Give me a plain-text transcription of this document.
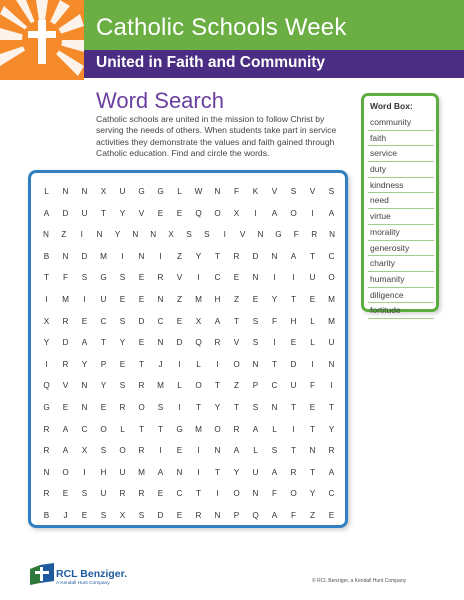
Catholic Schools Week
United in Faith and Community
Word Search

Catholic schools are united in the mission to follow Christ by serving the needs of others. When students take part in service activities they demonstrate the values and faith gained through Catholic education. Find and circle the words.

Word Box:
community
faith
service
duty
kindness
need
virtue
morality
generosity
charity
humanity
diligence
fortitude
L	N	N	X	U	G	G	L	W	N	F	K	V	S	V	S
A	D	U	T	Y	V	E	E	Q	O	X	I	A	O	I	A
N	Z	I	N	Y	N	N	X	S	S	I	V	N	G	F	R	N
B	N	D	M	I	N	I	Z	Y	T	R	D	N	A	T	C
T	F	S	G	S	E	R	V	I	C	E	N	I	I	U	O
I	M	I	U	E	E	N	Z	M	H	Z	E	Y	T	E	M
X	R	E	C	S	D	C	E	X	A	T	S	F	H	L	M
Y	D	A	T	Y	E	N	D	Q	R	V	S	I	E	L	U
I	R	Y	P	E	T	J	I	L	I	O	N	T	D	I	N
Q	V	N	Y	S	R	M	L	O	T	Z	P	C	U	F	I
G	E	N	E	R	O	S	I	T	Y	T	S	N	T	E	T
R	A	C	O	L	T	T	G	M	O	R	A	L	I	T	Y
R	A	X	S	O	R	I	E	I	N	A	L	S	T	N	R
N	O	I	H	U	M	A	N	I	T	Y	U	A	R	T	A
R	E	S	U	R	R	E	C	T	I	O	N	F	O	Y	C
B	J	E	S	X	S	D	E	R	N	P	Q	A	F	Z	E
RCL Benziger.
A Kendall Hunt Company	© RCL Benziger, a Kendall Hunt Company
